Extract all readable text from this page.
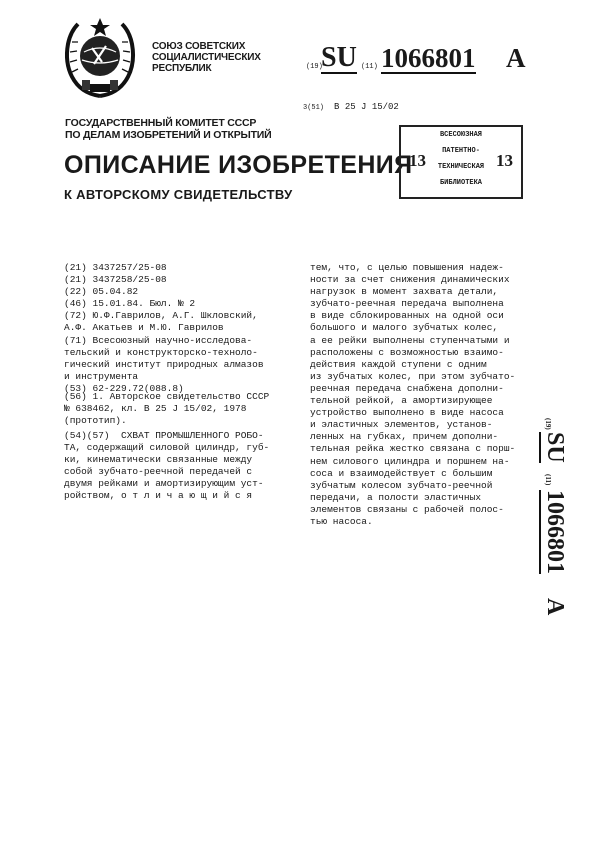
СОЮЗ СОВЕТСКИХ
СОЦИАЛИСТИЧЕСКИХ
РЕСПУБЛИК	(19)
SU (11) 1066801 A
3(51) B 25 J 15/02
ГОСУДАРСТВЕННЫЙ КОМИТЕТ СССР
ПО ДЕЛАМ ИЗОБРЕТЕНИЙ И ОТКРЫТИЙ
ОПИСАНИЕ ИЗОБРЕТЕНИЯ
К АВТОРСКОМУ СВИДЕТЕЛЬСТВУ
ВСЕСОЮЗНАЯ
ПАТЕНТНО-
ТЕХНИЧЕСКАЯ
БИБЛИОТЕКА
13	13
(21) 3437257/25-08
(21) 3437258/25-08
(22) 05.04.82
(46) 15.01.84. Бюл. № 2
(72) Ю.Ф.Гаврилов, А.Г. Шкловский,
А.Ф. Акатьев и М.Ю. Гаврилов
(71) Всесоюзный научно-исследова-
тельский и конструкторско-техноло-
гический институт природных алмазов
и инструмента
(53) 62-229.72(088.8)
(56) 1. Авторское свидетельство СССР
№ 638462, кл. В 25 J 15/02, 1978
(прототип).
(54)(57)  СХВАТ ПРОМЫШЛЕННОГО РОБО-
ТА, содержащий силовой цилиндр, губ-
ки, кинематически связанные между
собой зубчато-реечной передачей с
двумя рейками и амортизирующим уст-
ройством, о т л и ч а ю щ и й с я
тем, что, с целью повышения надеж-
ности за счет снижения динамических
нагрузок в момент захвата детали,
зубчато-реечная передача выполнена
в виде сблокированных на одной оси
большого и малого зубчатых колес,
а ее рейки выполнены ступенчатыми и
расположены с возможностью взаимо-
действия каждой ступени с одним
из зубчатых колес, при этом зубчато-
реечная передача снабжена дополни-
тельной рейкой, а амортизирующее
устройство выполнено в виде насоса
и эластичных элементов, установ-
ленных на губках, причем дополни-
тельная рейка жестко связана с порш-
нем силового цилиндра и поршнем на-
соса и взаимодействует с большим
зубчатым колесом зубчато-реечной
передачи, а полости эластичных
элементов связаны с рабочей полос-
тью насоса.
(19)
SU
(11)
1066801
A
